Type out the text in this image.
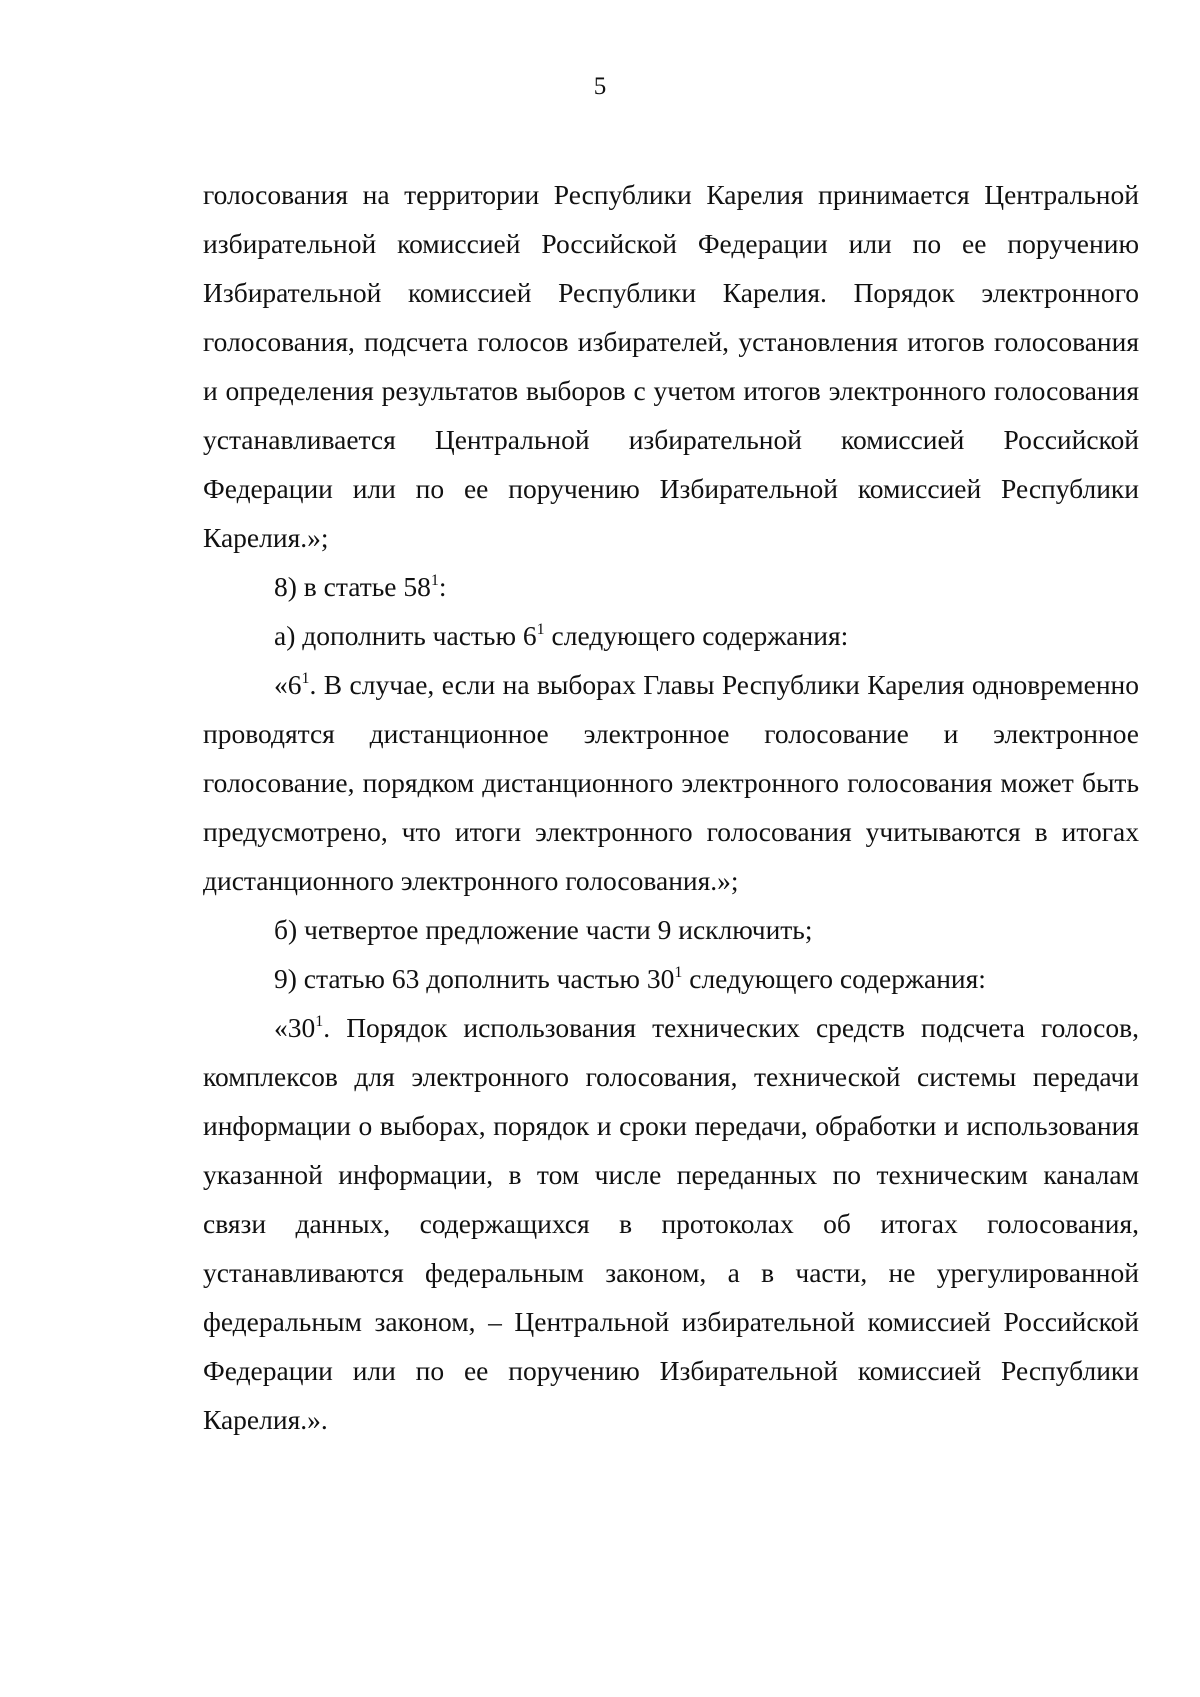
5

голосования на территории Республики Карелия принимается Центральной избирательной комиссией Российской Федерации или по ее поручению Избирательной комиссией Республики Карелия. Порядок электронного голосования, подсчета голосов избирателей, установления итогов голосования и определения результатов выборов с учетом итогов электронного голосования устанавливается Центральной избирательной комиссией Российской Федерации или по ее поручению Избирательной комиссией Республики Карелия.»;

8) в статье $58^1$:

а) дополнить частью $6^1$ следующего содержания:

«$6^1$. В случае, если на выборах Главы Республики Карелия одновременно проводятся дистанционное электронное голосование и электронное голосование, порядком дистанционного электронного голосования может быть предусмотрено, что итоги электронного голосования учитываются в итогах дистанционного электронного голосования.»;

б) четвертое предложение части 9 исключить;

9) статью 63 дополнить частью $30^1$ следующего содержания:

«$30^1$. Порядок использования технических средств подсчета голосов, комплексов для электронного голосования, технической системы передачи информации о выборах, порядок и сроки передачи, обработки и использования указанной информации, в том числе переданных по техническим каналам связи данных, содержащихся в протоколах об итогах голосования, устанавливаются федеральным законом, а в части, не урегулированной федеральным законом, – Центральной избирательной комиссией Российской Федерации или по ее поручению Избирательной комиссией Республики Карелия.».
